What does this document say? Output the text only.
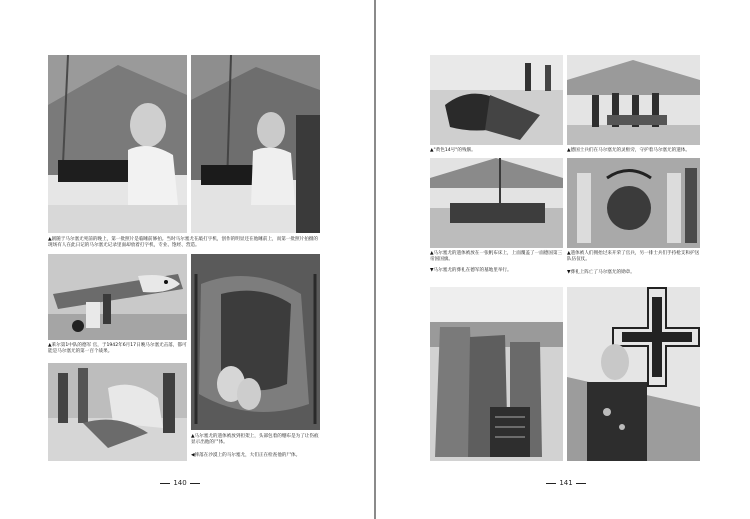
▲剧随于马尔塞尤死前的晚上，第一批照片是临睡前修拍。当时马尔塞尤在敲打字机，创作的明显还在他睡前上，而第一批照片拍摄的现场有人在此日记的马尔塞尤记录里面却放着打字机，专业、饱经、营造。
▲莱尔第1中队的德军 官，于1942年6月17日晚马尔塞尤击落，都可能是马尔塞尤的第一百个战果。
▲马尔塞尤的遗体被放到担架上，头部包着的绷布是为了让伤痕显示出他的尸体。
◀摔落在沙漠上的马尔塞尤，大们正在检查他的尸体。
140
▲"黄色14号"的残骸。	▲德国士兵们在马尔塞尤的灵柩旁，守护着马尔塞尤的遗体。
▲马尔塞尤的遗体被放在一张帆布床上，上面覆盖了一面德国第三帝国国旗。
▼马尔塞尤的葬礼在德军的墓地里举行。
▲遗体被人们拥抬过来开荣了官兵，另一排士兵们手持枪支和护送队伍仪仗。
▼葬礼上阵亡了马尔塞尤的勋章。
141
